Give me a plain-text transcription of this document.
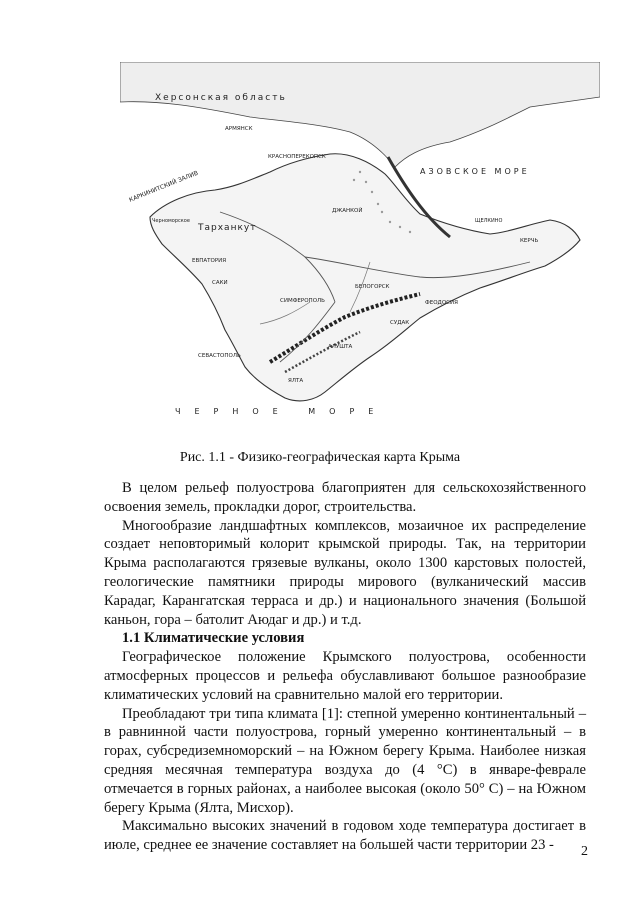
Херсонская область
АЗОВСКОЕ МОРЕ
ЧЕРНОЕ МОРЕ
КАРКИНИТСКИЙ ЗАЛИВ
Тарханкут
АРМЯНСК
КРАСНОПЕРЕКОПСК
ДЖАНКОЙ
СИМФЕРОПОЛЬ
ЕВПАТОРИЯ
СЕВАСТОПОЛЬ
ЯЛТА
АЛУШТА
ФЕОДОСИЯ
КЕРЧЬ
Черноморское
БЕЛОГОРСК
САКИ
СУДАК
ЩЕЛКИНО
Рис. 1.1 - Физико-географическая карта Крыма

В целом рельеф полуострова благоприятен для сельскохозяйственного освоения земель, прокладки дорог, строительства.

Многообразие ландшафтных комплексов, мозаичное их распределение создает неповторимый колорит крымской природы. Так, на территории Крыма располагаются грязевые вулканы, около 1300 карстовых полостей, геологические памятники природы мирового (вулканический массив Карадаг, Карангатская терраса и др.) и национального значения (Большой каньон, гора – батолит Аюдаг и др.) и т.д.

1.1 Климатические условия

Географическое положение Крымского полуострова, особенности атмосферных процессов и рельефа обуславливают большое разнообразие климатических условий на сравнительно малой его территории.

Преобладают три типа климата [1]: степной умеренно континентальный – в равнинной части полуострова, горный умеренно континентальный – в горах, субсредиземноморский – на Южном берегу Крыма. Наиболее низкая средняя месячная температура воздуха до (4 °С) в январе-феврале отмечается в горных районах, а наиболее высокая (около 50° С) – на Южном берегу Крыма (Ялта, Мисхор).

Максимально высоких значений в годовом ходе температура достигает в июле, среднее ее значение составляет на большей части территории 23 -	2
